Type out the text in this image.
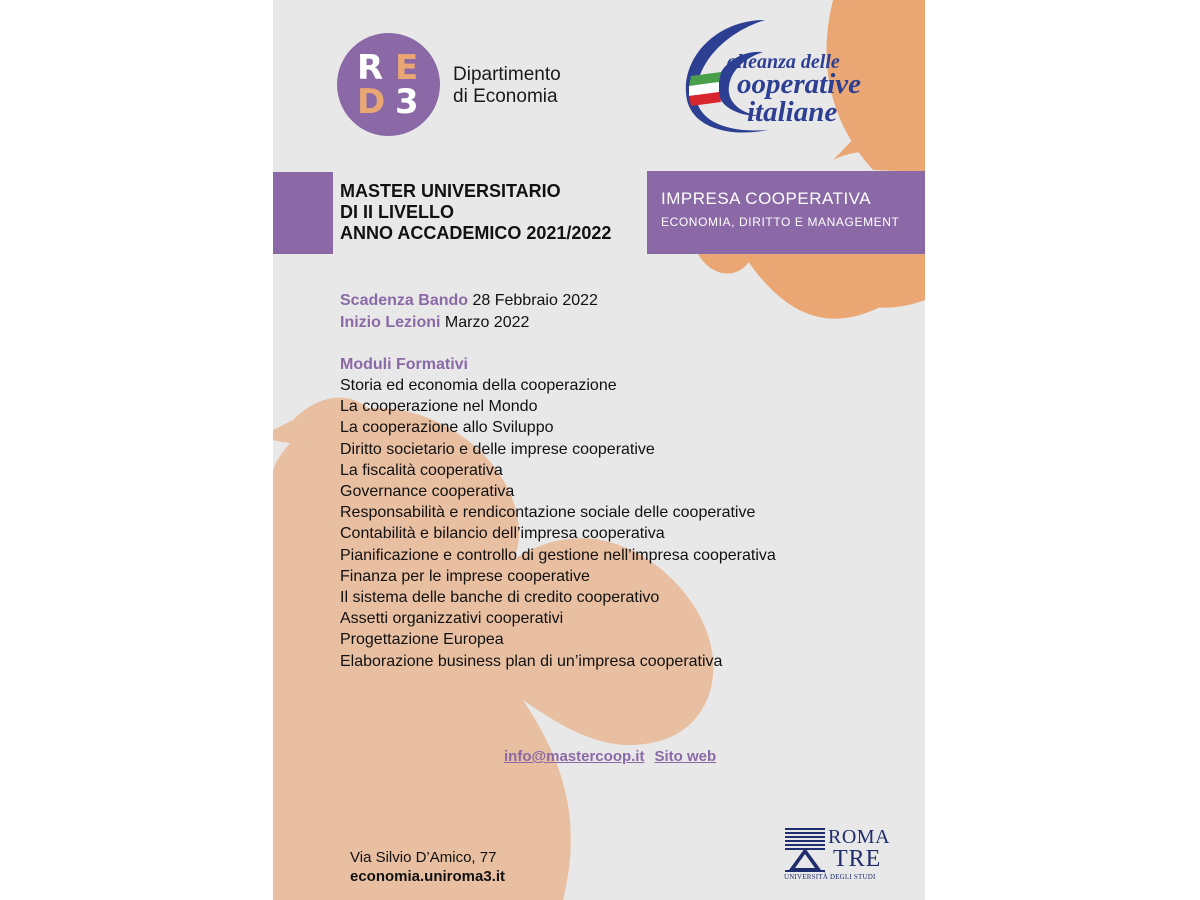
R E
D 3
Dipartimento
di Economia
alleanza delle
ooperative
italiane
MASTER UNIVERSITARIO
DI II LIVELLO
ANNO ACCADEMICO 2021/2022
IMPRESA COOPERATIVA
ECONOMIA, DIRITTO E MANAGEMENT
Scadenza Bando 28 Febbraio 2022
Inizio Lezioni Marzo 2022
Moduli Formativi
Storia ed economia della cooperazione
La cooperazione nel Mondo
La cooperazione allo Sviluppo
Diritto societario e delle imprese cooperative
La fiscalità cooperativa
Governance cooperativa
Responsabilità e rendicontazione sociale delle cooperative
Contabilità e bilancio dell’impresa cooperativa
Pianificazione e controllo di gestione nell’impresa cooperativa
Finanza per le imprese cooperative
Il sistema delle banche di credito cooperativo
Assetti organizzativi cooperativi
Progettazione Europea
Elaborazione business plan di un’impresa cooperativa
info@mastercoop.it Sito web
Via Silvio D’Amico, 77
economia.uniroma3.it
ROMA
TRE
UNIVERSITÀ DEGLI STUDI
